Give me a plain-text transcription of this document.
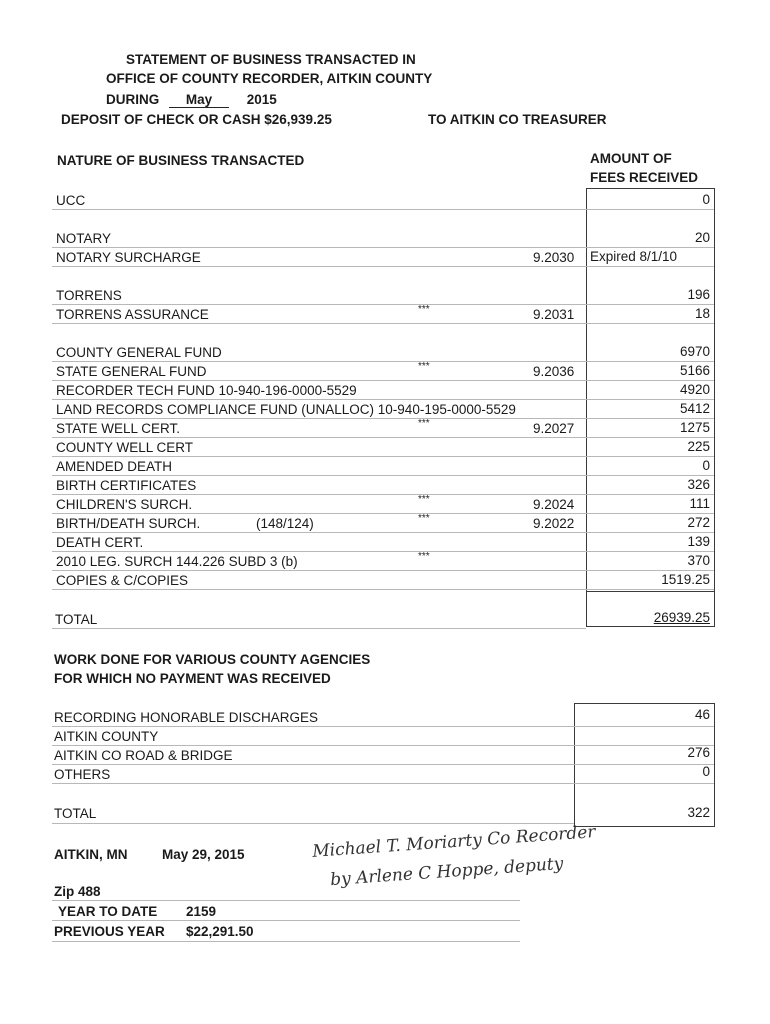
STATEMENT OF BUSINESS TRANSACTED IN
OFFICE OF COUNTY RECORDER, AITKIN COUNTY
DURING May	2015
DEPOSIT OF CHECK OR CASH $26,939.25	TO AITKIN CO TREASURER
NATURE OF BUSINESS TRANSACTED	AMOUNT OF
FEES RECEIVED
UCC	0
NOTARY	20
NOTARY SURCHARGE	9.2030 Expired 8/1/10
TORRENS	196
TORRENS ASSURANCE	***	9.2031	18
COUNTY GENERAL FUND	6970
STATE GENERAL FUND	***	9.2036	5166
RECORDER TECH FUND 10-940-196-0000-5529	4920
LAND RECORDS COMPLIANCE FUND (UNALLOC) 10-940-195-0000-5529	5412
STATE WELL CERT.	***	9.2027	1275
COUNTY WELL CERT	225
AMENDED DEATH	0
BIRTH CERTIFICATES	326
CHILDREN'S SURCH.	***	9.2024	111
BIRTH/DEATH SURCH.	(148/124)	***	9.2022	272
DEATH CERT.	139
2010 LEG. SURCH 144.226 SUBD 3 (b)	***	370
COPIES & C/COPIES	1519.25
TOTAL	26939.25
WORK DONE FOR VARIOUS COUNTY AGENCIES
FOR WHICH NO PAYMENT WAS RECEIVED
RECORDING HONORABLE DISCHARGES	46
AITKIN COUNTY
AITKIN CO ROAD & BRIDGE	276
OTHERS	0
TOTAL	322
AITKIN, MN	May 29, 2015	Michael T. Moriarty Co Recorder
by Arlene C Hoppe, deputy
Zip 488
YEAR TO DATE 2159
PREVIOUS YEAR $22,291.50
